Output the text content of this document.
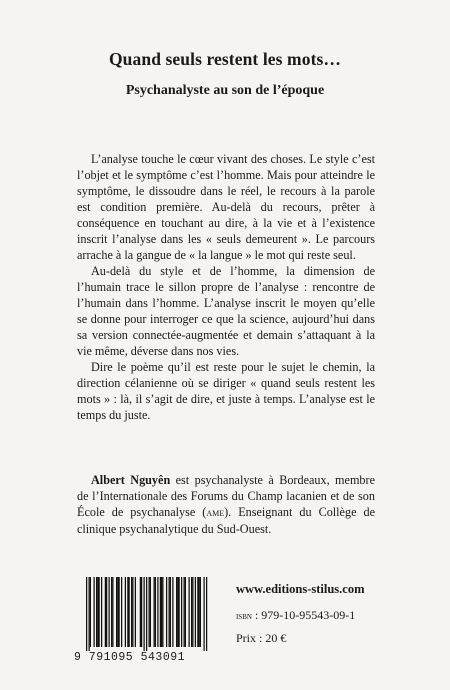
Quand seuls restent les mots…
Psychanalyste au son de l’époque

L’analyse touche le cœur vivant des choses. Le style c’est l’objet et le symptôme c’est l’homme. Mais pour atteindre le symptôme, le dissoudre dans le réel, le recours à la parole est condition première. Au-delà du recours, prêter à conséquence en touchant au dire, à la vie et à l’existence inscrit l’analyse dans les « seuls demeurent ». Le parcours arrache à la gangue de « la langue » le mot qui reste seul.

Au-delà du style et de l’homme, la dimension de l’humain trace le sillon propre de l’analyse : rencontre de l’humain dans l’homme. L’analyse inscrit le moyen qu’elle se donne pour interroger ce que la science, aujourd’hui dans sa version connectée-augmentée et demain s’attaquant à la vie même, déverse dans nos vies.

Dire le poème qu’il est reste pour le sujet le chemin, la direction célanienne où se diriger « quand seuls restent les mots » : là, il s’agit de dire, et juste à temps. L’analyse est le temps du juste.

Albert Nguyên est psychanalyste à Bordeaux, membre de l’Internationale des Forums du Champ lacanien et de son École de psychanalyse (ame). Enseignant du Collège de clinique psychanalytique du Sud-Ouest.

9 791095 543091
www.editions-stilus.com
isbn : 979-10-95543-09-1
Prix : 20 €
